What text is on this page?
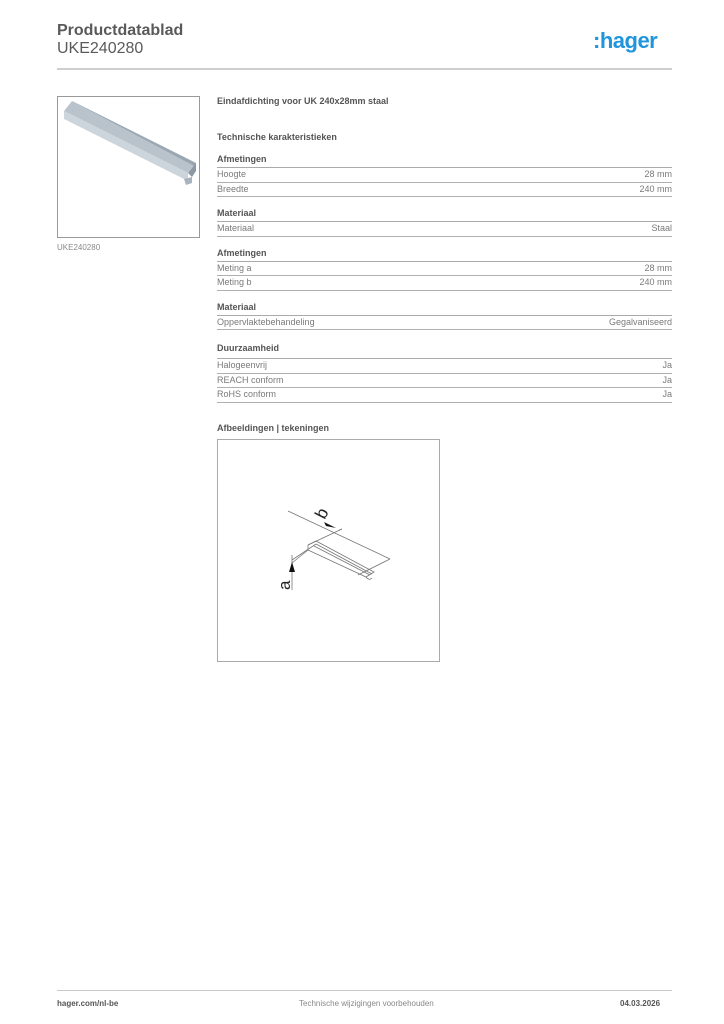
Productdatablad
UKE240280	:hager
UKE240280
Eindafdichting voor UK 240x28mm staal
Technische karakteristieken
Afmetingen
Hoogte	28 mm
Breedte	240 mm
Materiaal
Materiaal	Staal
Afmetingen
Meting a	28 mm
Meting b	240 mm
Materiaal
Oppervlaktebehandeling	Gegalvaniseerd
Duurzaamheid
Halogeenvrij	Ja
REACH conform	Ja
RoHS conform	Ja
Afbeeldingen | tekeningen
b
a
hager.com/nl-be	Technische wijzigingen voorbehouden	04.03.2026
